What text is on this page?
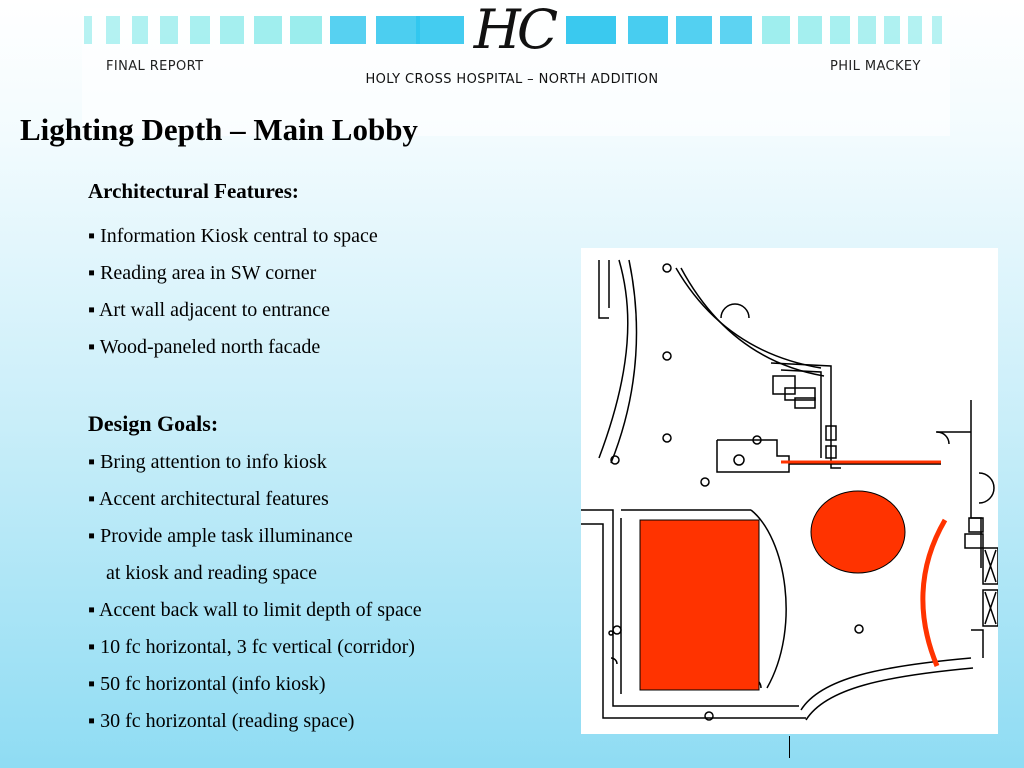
HC
FINAL REPORT	PHIL MACKEY
HOLY CROSS HOSPITAL – NORTH ADDITION
Lighting Depth – Main Lobby
Architectural Features:
▪ Information Kiosk central to space
▪ Reading area in SW corner
▪ Art wall adjacent to entrance
▪ Wood-paneled north facade
Design Goals:
▪ Bring attention to info kiosk
▪ Accent architectural features
▪ Provide ample task illuminance
at kiosk and reading space
▪ Accent back wall to limit depth of space
▪ 10 fc horizontal, 3 fc vertical (corridor)
▪ 50 fc horizontal (info kiosk)
▪ 30 fc horizontal (reading space)
